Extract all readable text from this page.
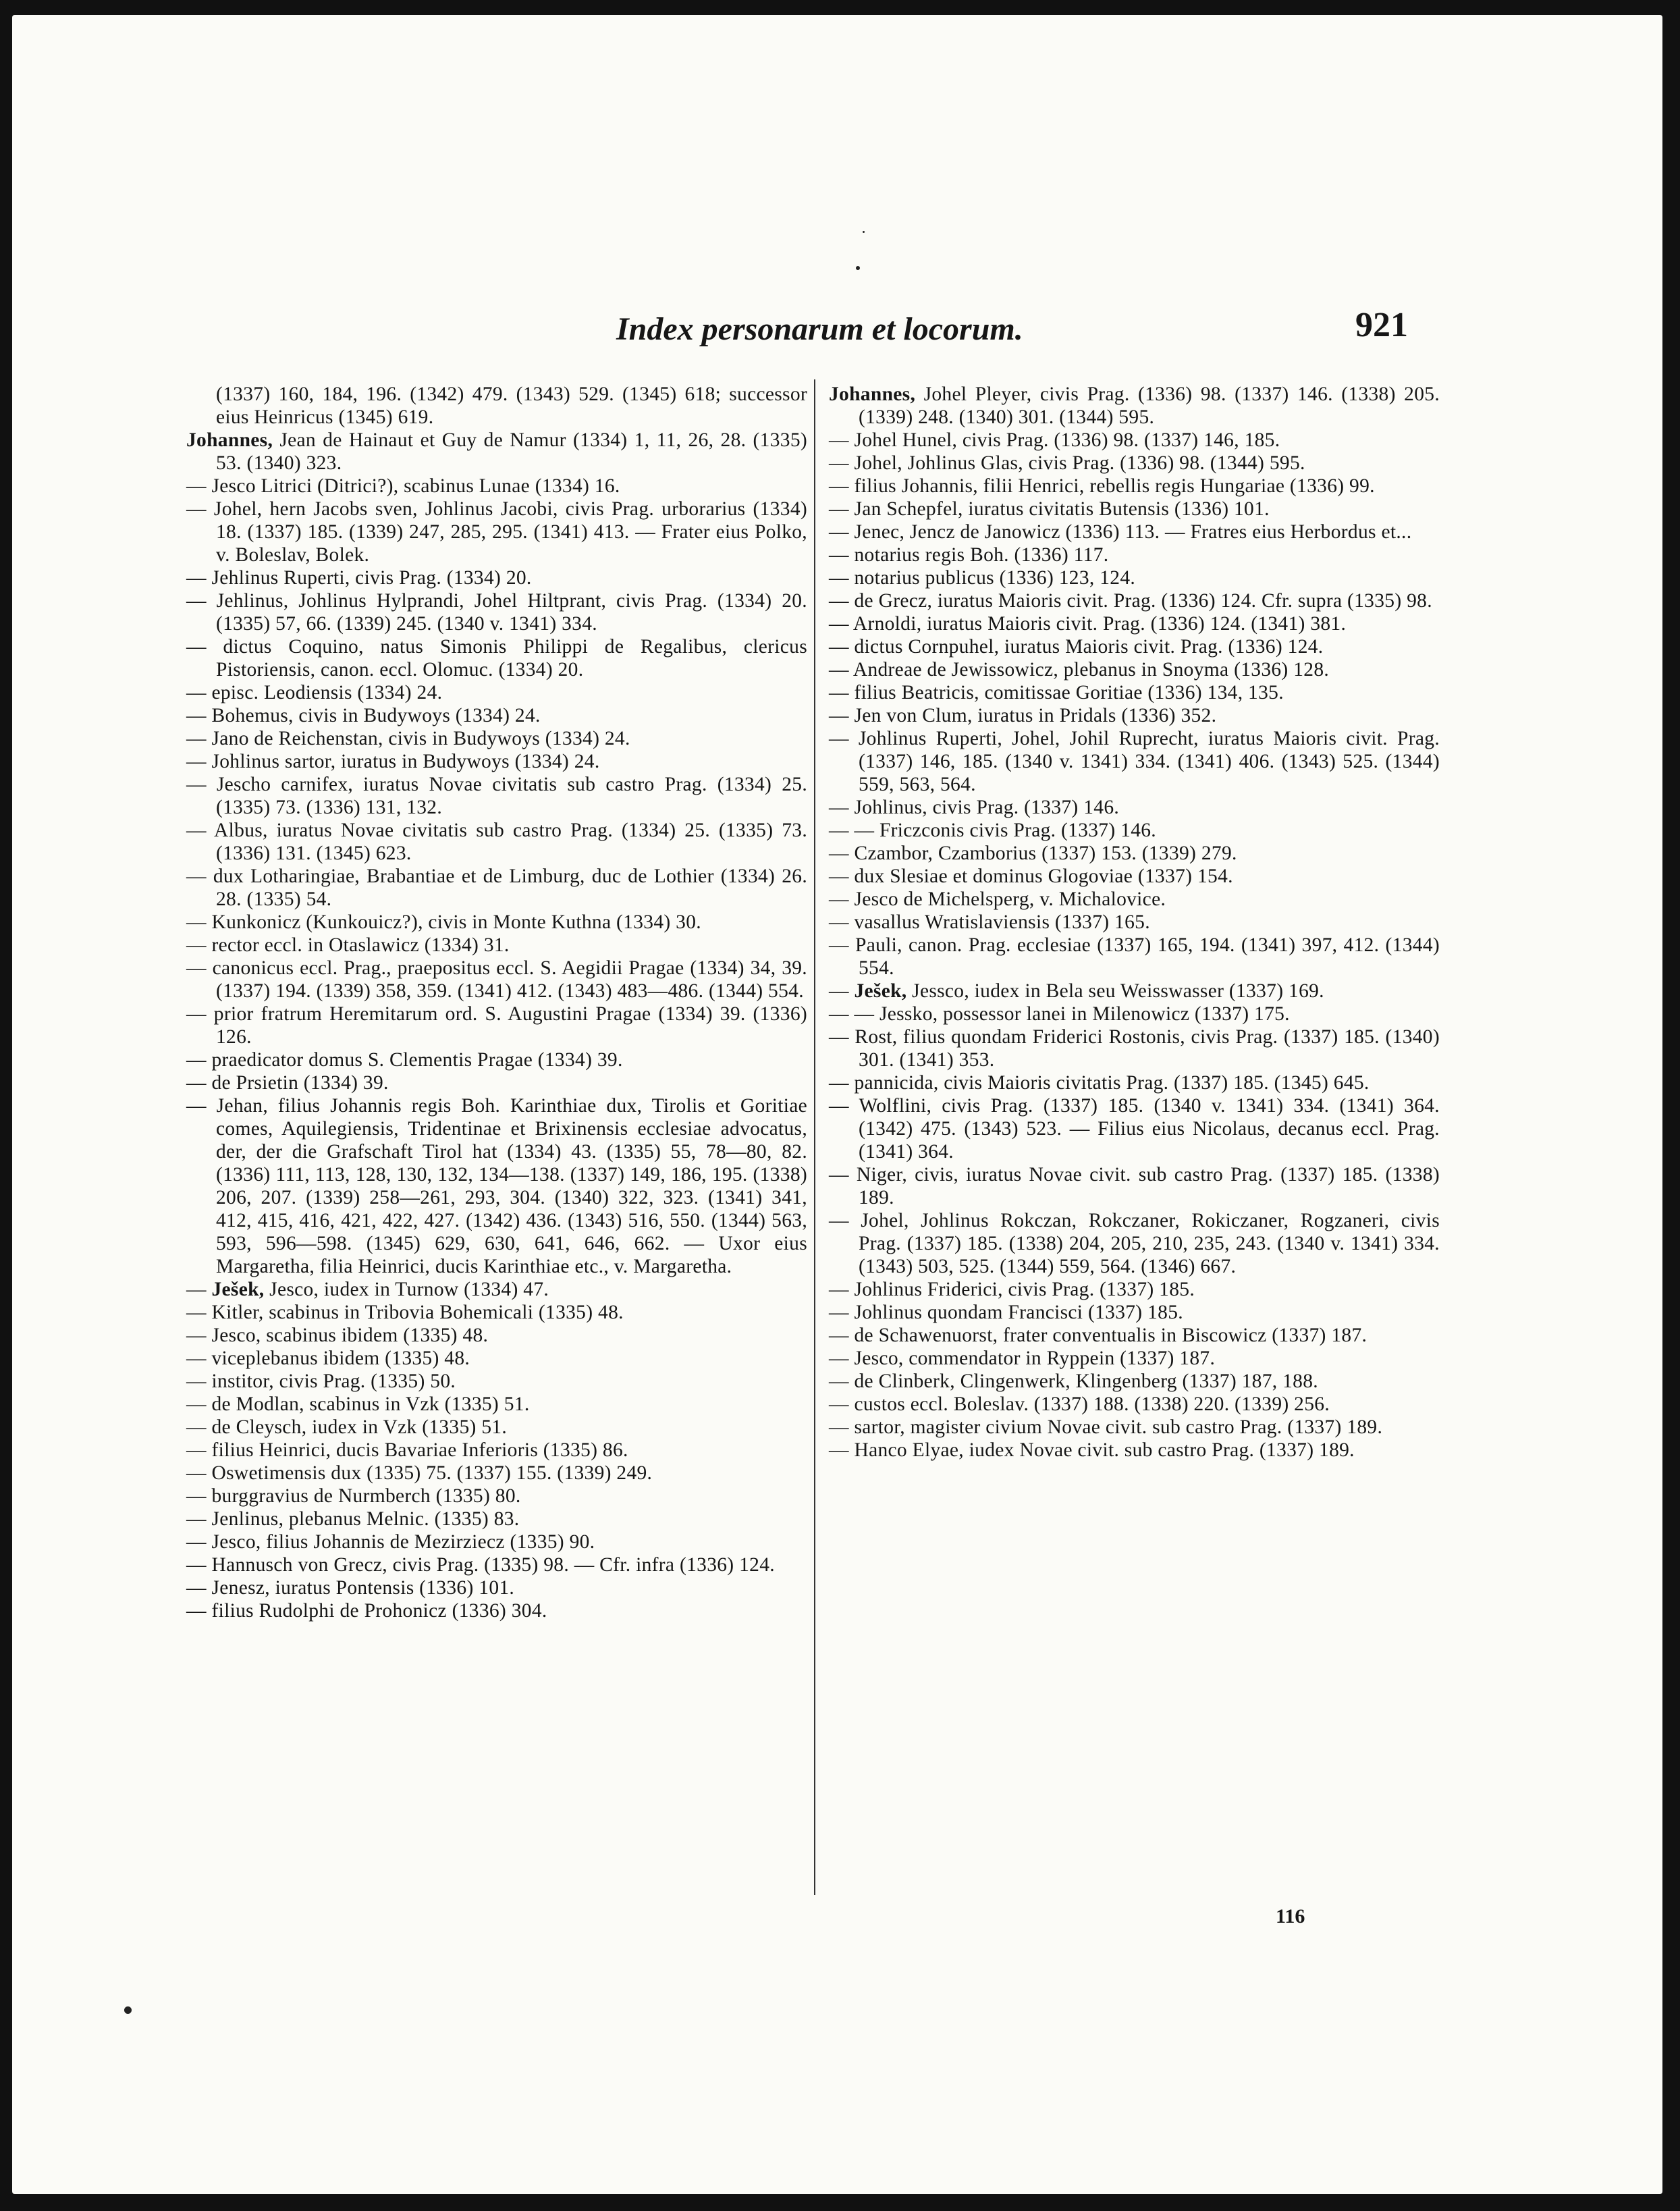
Index personarum et locorum.	921
(1337) 160, 184, 196. (1342) 479. (1343) 529. (1345) 618; successor eius Heinricus (1345) 619.
Johannes, Jean de Hainaut et Guy de Namur (1334) 1, 11, 26, 28. (1335) 53. (1340) 323.
— Jesco Litrici (Ditrici?), scabinus Lunae (1334) 16.
— Johel, hern Jacobs sven, Johlinus Jacobi, civis Prag. urborarius (1334) 18. (1337) 185. (1339) 247, 285, 295. (1341) 413. — Frater eius Polko, v. Boleslav, Bolek.
— Jehlinus Ruperti, civis Prag. (1334) 20.
— Jehlinus, Johlinus Hylprandi, Johel Hiltprant, civis Prag. (1334) 20. (1335) 57, 66. (1339) 245. (1340 v. 1341) 334.
— dictus Coquino, natus Simonis Philippi de Regalibus, clericus Pistoriensis, canon. eccl. Olomuc. (1334) 20.
— episc. Leodiensis (1334) 24.
— Bohemus, civis in Budywoys (1334) 24.
— Jano de Reichenstan, civis in Budywoys (1334) 24.
— Johlinus sartor, iuratus in Budywoys (1334) 24.
— Jescho carnifex, iuratus Novae civitatis sub castro Prag. (1334) 25. (1335) 73. (1336) 131, 132.
— Albus, iuratus Novae civitatis sub castro Prag. (1334) 25. (1335) 73. (1336) 131. (1345) 623.
— dux Lotharingiae, Brabantiae et de Limburg, duc de Lothier (1334) 26. 28. (1335) 54.
— Kunkonicz (Kunkouicz?), civis in Monte Kuthna (1334) 30.
— rector eccl. in Otaslawicz (1334) 31.
— canonicus eccl. Prag., praepositus eccl. S. Aegidii Pragae (1334) 34, 39. (1337) 194. (1339) 358, 359. (1341) 412. (1343) 483—486. (1344) 554.
— prior fratrum Heremitarum ord. S. Augustini Pragae (1334) 39. (1336) 126.
— praedicator domus S. Clementis Pragae (1334) 39.
— de Prsietin (1334) 39.
— Jehan, filius Johannis regis Boh. Karinthiae dux, Tirolis et Goritiae comes, Aquilegiensis, Tridentinae et Brixinensis ecclesiae advocatus, der, der die Grafschaft Tirol hat (1334) 43. (1335) 55, 78—80, 82. (1336) 111, 113, 128, 130, 132, 134—138. (1337) 149, 186, 195. (1338) 206, 207. (1339) 258—261, 293, 304. (1340) 322, 323. (1341) 341, 412, 415, 416, 421, 422, 427. (1342) 436. (1343) 516, 550. (1344) 563, 593, 596—598. (1345) 629, 630, 641, 646, 662. — Uxor eius Margaretha, filia Heinrici, ducis Karinthiae etc., v. Margaretha.
— Ješek, Jesco, iudex in Turnow (1334) 47.
— Kitler, scabinus in Tribovia Bohemicali (1335) 48.
— Jesco, scabinus ibidem (1335) 48.
— viceplebanus ibidem (1335) 48.
— institor, civis Prag. (1335) 50.
— de Modlan, scabinus in Vzk (1335) 51.
— de Cleysch, iudex in Vzk (1335) 51.
— filius Heinrici, ducis Bavariae Inferioris (1335) 86.
— Oswetimensis dux (1335) 75. (1337) 155. (1339) 249.
— burggravius de Nurmberch (1335) 80.
— Jenlinus, plebanus Melnic. (1335) 83.
— Jesco, filius Johannis de Mezirziecz (1335) 90.
— Hannusch von Grecz, civis Prag. (1335) 98. — Cfr. infra (1336) 124.
— Jenesz, iuratus Pontensis (1336) 101.
— filius Rudolphi de Prohonicz (1336) 304.
Johannes, Johel Pleyer, civis Prag. (1336) 98. (1337) 146. (1338) 205. (1339) 248. (1340) 301. (1344) 595.
— Johel Hunel, civis Prag. (1336) 98. (1337) 146, 185.
— Johel, Johlinus Glas, civis Prag. (1336) 98. (1344) 595.
— filius Johannis, filii Henrici, rebellis regis Hungariae (1336) 99.
— Jan Schepfel, iuratus civitatis Butensis (1336) 101.
— Jenec, Jencz de Janowicz (1336) 113. — Fratres eius Herbordus et...
— notarius regis Boh. (1336) 117.
— notarius publicus (1336) 123, 124.
— de Grecz, iuratus Maioris civit. Prag. (1336) 124. Cfr. supra (1335) 98.
— Arnoldi, iuratus Maioris civit. Prag. (1336) 124. (1341) 381.
— dictus Cornpuhel, iuratus Maioris civit. Prag. (1336) 124.
— Andreae de Jewissowicz, plebanus in Snoyma (1336) 128.
— filius Beatricis, comitissae Goritiae (1336) 134, 135.
— Jen von Clum, iuratus in Pridals (1336) 352.
— Johlinus Ruperti, Johel, Johil Ruprecht, iuratus Maioris civit. Prag. (1337) 146, 185. (1340 v. 1341) 334. (1341) 406. (1343) 525. (1344) 559, 563, 564.
— Johlinus, civis Prag. (1337) 146.
— — Friczconis civis Prag. (1337) 146.
— Czambor, Czamborius (1337) 153. (1339) 279.
— dux Slesiae et dominus Glogoviae (1337) 154.
— Jesco de Michelsperg, v. Michalovice.
— vasallus Wratislaviensis (1337) 165.
— Pauli, canon. Prag. ecclesiae (1337) 165, 194. (1341) 397, 412. (1344) 554.
— Ješek, Jessco, iudex in Bela seu Weisswasser (1337) 169.
— — Jessko, possessor lanei in Milenowicz (1337) 175.
— Rost, filius quondam Friderici Rostonis, civis Prag. (1337) 185. (1340) 301. (1341) 353.
— pannicida, civis Maioris civitatis Prag. (1337) 185. (1345) 645.
— Wolflini, civis Prag. (1337) 185. (1340 v. 1341) 334. (1341) 364. (1342) 475. (1343) 523. — Filius eius Nicolaus, decanus eccl. Prag. (1341) 364.
— Niger, civis, iuratus Novae civit. sub castro Prag. (1337) 185. (1338) 189.
— Johel, Johlinus Rokczan, Rokczaner, Rokiczaner, Rogzaneri, civis Prag. (1337) 185. (1338) 204, 205, 210, 235, 243. (1340 v. 1341) 334. (1343) 503, 525. (1344) 559, 564. (1346) 667.
— Johlinus Friderici, civis Prag. (1337) 185.
— Johlinus quondam Francisci (1337) 185.
— de Schawenuorst, frater conventualis in Biscowicz (1337) 187.
— Jesco, commendator in Ryppein (1337) 187.
— de Clinberk, Clingenwerk, Klingenberg (1337) 187, 188.
— custos eccl. Boleslav. (1337) 188. (1338) 220. (1339) 256.
— sartor, magister civium Novae civit. sub castro Prag. (1337) 189.
— Hanco Elyae, iudex Novae civit. sub castro Prag. (1337) 189.
116
